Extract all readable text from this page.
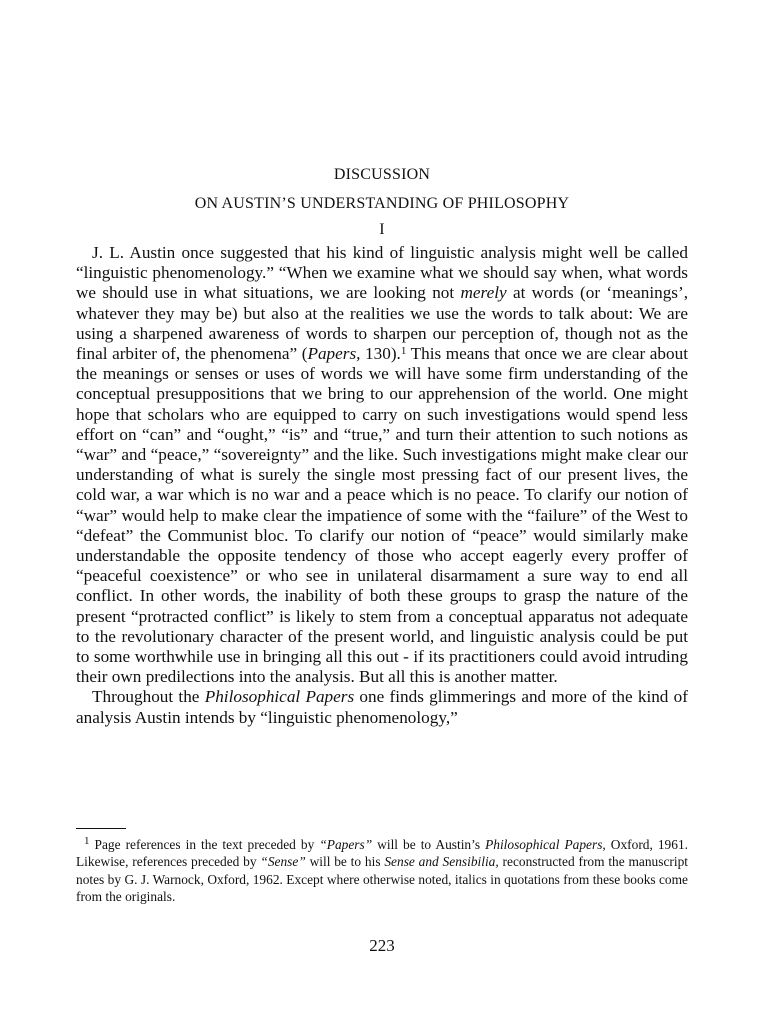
DISCUSSION
ON AUSTIN’S UNDERSTANDING OF PHILOSOPHY
I

J. L. Austin once suggested that his kind of linguistic analysis might well be called “linguistic phenomenology.” “When we examine what we should say when, what words we should use in what situations, we are looking not merely at words (or ‘meanings’, whatever they may be) but also at the realities we use the words to talk about: We are using a sharpened awareness of words to sharpen our perception of, though not as the final arbiter of, the phenomena” (Papers, 130).$^1$ This means that once we are clear about the meanings or senses or uses of words we will have some firm understanding of the conceptual presuppositions that we bring to our apprehension of the world. One might hope that scholars who are equipped to carry on such investigations would spend less effort on “can” and “ought,” “is” and “true,” and turn their attention to such notions as “war” and “peace,” “sovereignty” and the like. Such investigations might make clear our understanding of what is surely the single most pressing fact of our present lives, the cold war, a war which is no war and a peace which is no peace. To clarify our notion of “war” would help to make clear the impatience of some with the “failure” of the West to “defeat” the Communist bloc. To clarify our notion of “peace” would similarly make understandable the opposite tendency of those who accept eagerly every proffer of “peaceful coexistence” or who see in unilateral disarmament a sure way to end all conflict. In other words, the inability of both these groups to grasp the nature of the present “protracted conflict” is likely to stem from a conceptual apparatus not adequate to the revolutionary character of the present world, and linguistic analysis could be put to some worthwhile use in bringing all this out - if its practitioners could avoid intruding their own predilections into the analysis. But all this is another matter.

Throughout the Philosophical Papers one finds glimmerings and more of the kind of analysis Austin intends by “linguistic phenomenology,”

$^1$ Page references in the text preceded by “Papers” will be to Austin’s Philosophical Papers, Oxford, 1961. Likewise, references preceded by “Sense” will be to his Sense and Sensibilia, reconstructed from the manuscript notes by G. J. Warnock, Oxford, 1962. Except where otherwise noted, italics in quotations from these books come from the originals.

223
